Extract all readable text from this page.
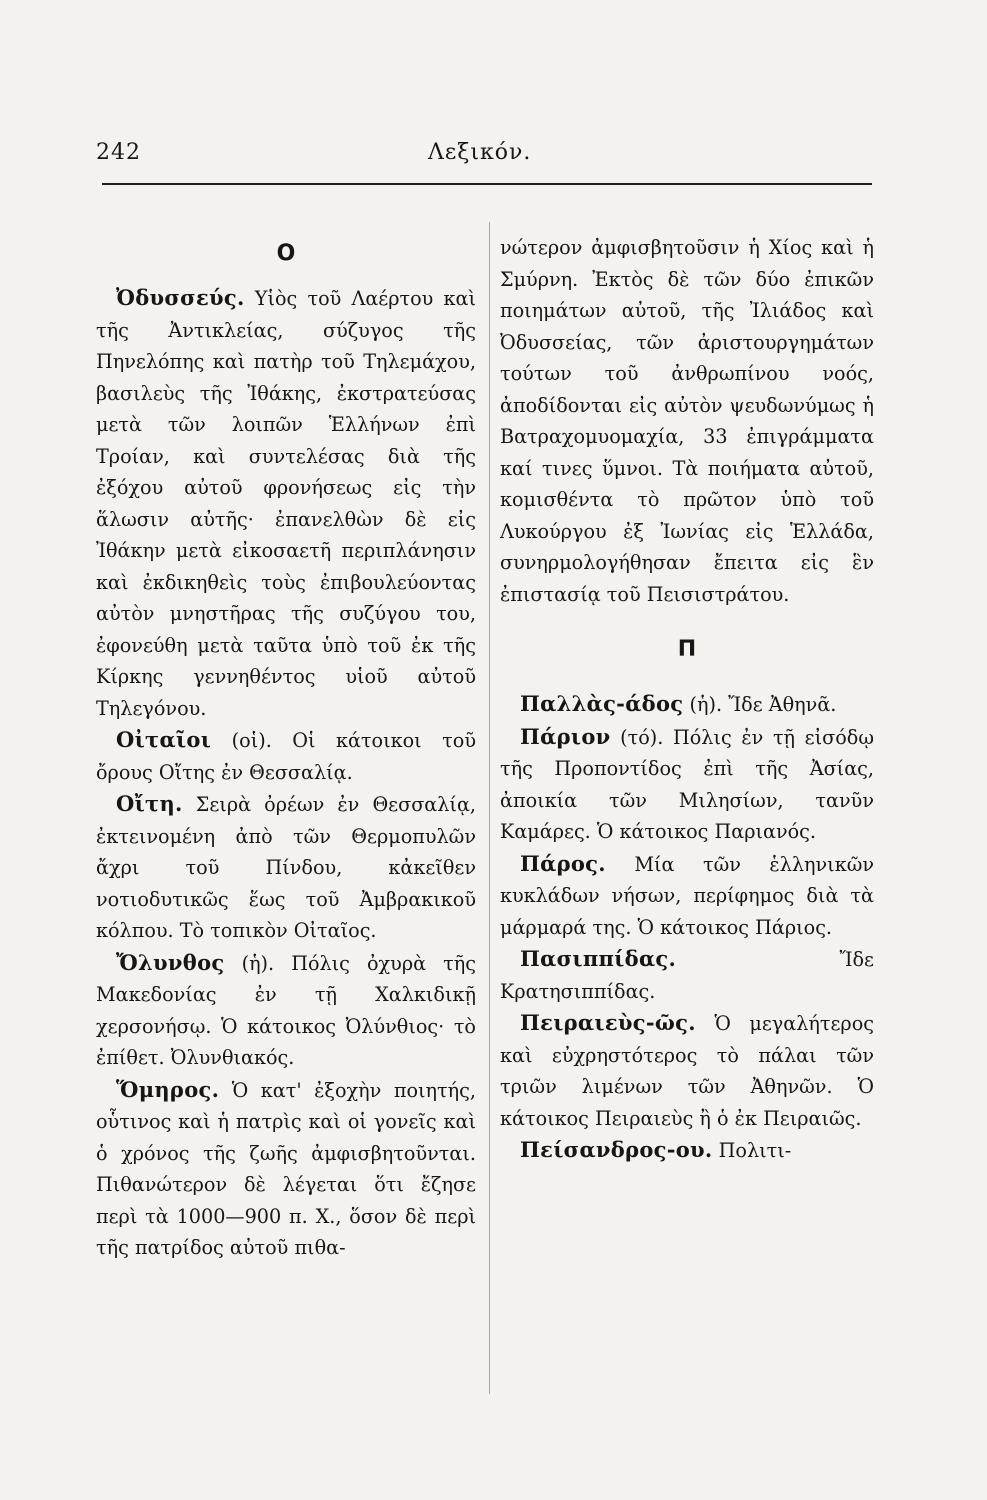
242	Λεξικόν.
Ο

Ὀδυσσεύς. Υἱὸς τοῦ Λαέρτου καὶ τῆς Ἀντικλείας, σύζυγος τῆς Πηνελόπης καὶ πατὴρ τοῦ Τηλεμάχου, βασιλεὺς τῆς Ἰθάκης, ἐκστρατεύσας μετὰ τῶν λοιπῶν Ἑλλήνων ἐπὶ Τροίαν, καὶ συντελέσας διὰ τῆς ἐξόχου αὐτοῦ φρονήσεως εἰς τὴν ἅλωσιν αὐτῆς· ἐπανελθὼν δὲ εἰς Ἰθάκην μετὰ εἰκοσαετῆ περιπλάνησιν καὶ ἐκδικηθεὶς τοὺς ἐπιβουλεύοντας αὐτὸν μνηστῆρας τῆς συζύγου του, ἐφονεύθη μετὰ ταῦτα ὑπὸ τοῦ ἐκ τῆς Κίρκης γεννηθέντος υἱοῦ αὐτοῦ Τηλεγόνου.

Οἰταῖοι (οἱ). Οἱ κάτοικοι τοῦ ὄρους Οἴτης ἐν Θεσσαλίᾳ.

Οἴτη. Σειρὰ ὀρέων ἐν Θεσσαλίᾳ, ἐκτεινομένη ἀπὸ τῶν Θερμοπυλῶν ἄχρι τοῦ Πίνδου, κἀκεῖθεν νοτιοδυτικῶς ἕως τοῦ Ἀμβρακικοῦ κόλπου. Τὸ τοπικὸν Οἰταῖος.

Ὄλυνθος (ἡ). Πόλις ὀχυρὰ τῆς Μακεδονίας ἐν τῇ Χαλκιδικῇ χερσονήσῳ. Ὁ κάτοικος Ὀλύνθιος· τὸ ἐπίθετ. Ὀλυνθιακός.

Ὅμηρος. Ὁ κατ' ἐξοχὴν ποιητής, οὗτινος καὶ ἡ πατρὶς καὶ οἱ γονεῖς καὶ ὁ χρόνος τῆς ζωῆς ἀμφισβητοῦνται. Πιθανώτερον δὲ λέγεται ὅτι ἔζησε περὶ τὰ 1000—900 π. Χ., ὅσον δὲ περὶ τῆς πατρίδος αὐτοῦ πιθα-

νώτερον ἀμφισβητοῦσιν ἡ Χίος καὶ ἡ Σμύρνη. Ἐκτὸς δὲ τῶν δύο ἐπικῶν ποιημάτων αὐτοῦ, τῆς Ἰλιάδος καὶ Ὀδυσσείας, τῶν ἀριστουργημάτων τούτων τοῦ ἀνθρωπίνου νοός, ἀποδίδονται εἰς αὐτὸν ψευδωνύμως ἡ Βατραχομυομαχία, 33 ἐπιγράμματα καί τινες ὕμνοι. Τὰ ποιήματα αὐτοῦ, κομισθέντα τὸ πρῶτον ὑπὸ τοῦ Λυκούργου ἐξ Ἰωνίας εἰς Ἑλλάδα, συνηρμολογήθησαν ἔπειτα εἰς ἓν ἐπιστασίᾳ τοῦ Πεισιστράτου.

Π

Παλλὰς-άδος (ἡ). Ἴδε Ἀθηνᾶ.

Πάριον (τό). Πόλις ἐν τῇ εἰσόδῳ τῆς Προποντίδος ἐπὶ τῆς Ἀσίας, ἀποικία τῶν Μιλησίων, τανῦν Καμάρες. Ὁ κάτοικος Παριανός.

Πάρος. Μία τῶν ἑλληνικῶν κυκλάδων νήσων, περίφημος διὰ τὰ μάρμαρά της. Ὁ κάτοικος Πάριος.

Πασιππίδας.	Ἴδε Κρατησιππίδας.

Πειραιεὺς-ῶς. Ὁ μεγαλήτερος καὶ εὐχρηστότερος τὸ πάλαι τῶν τριῶν λιμένων τῶν Ἀθηνῶν. Ὁ κάτοικος Πειραιεὺς ἢ ὁ ἐκ Πειραιῶς.

Πείσανδρος-ου. Πολιτι-
